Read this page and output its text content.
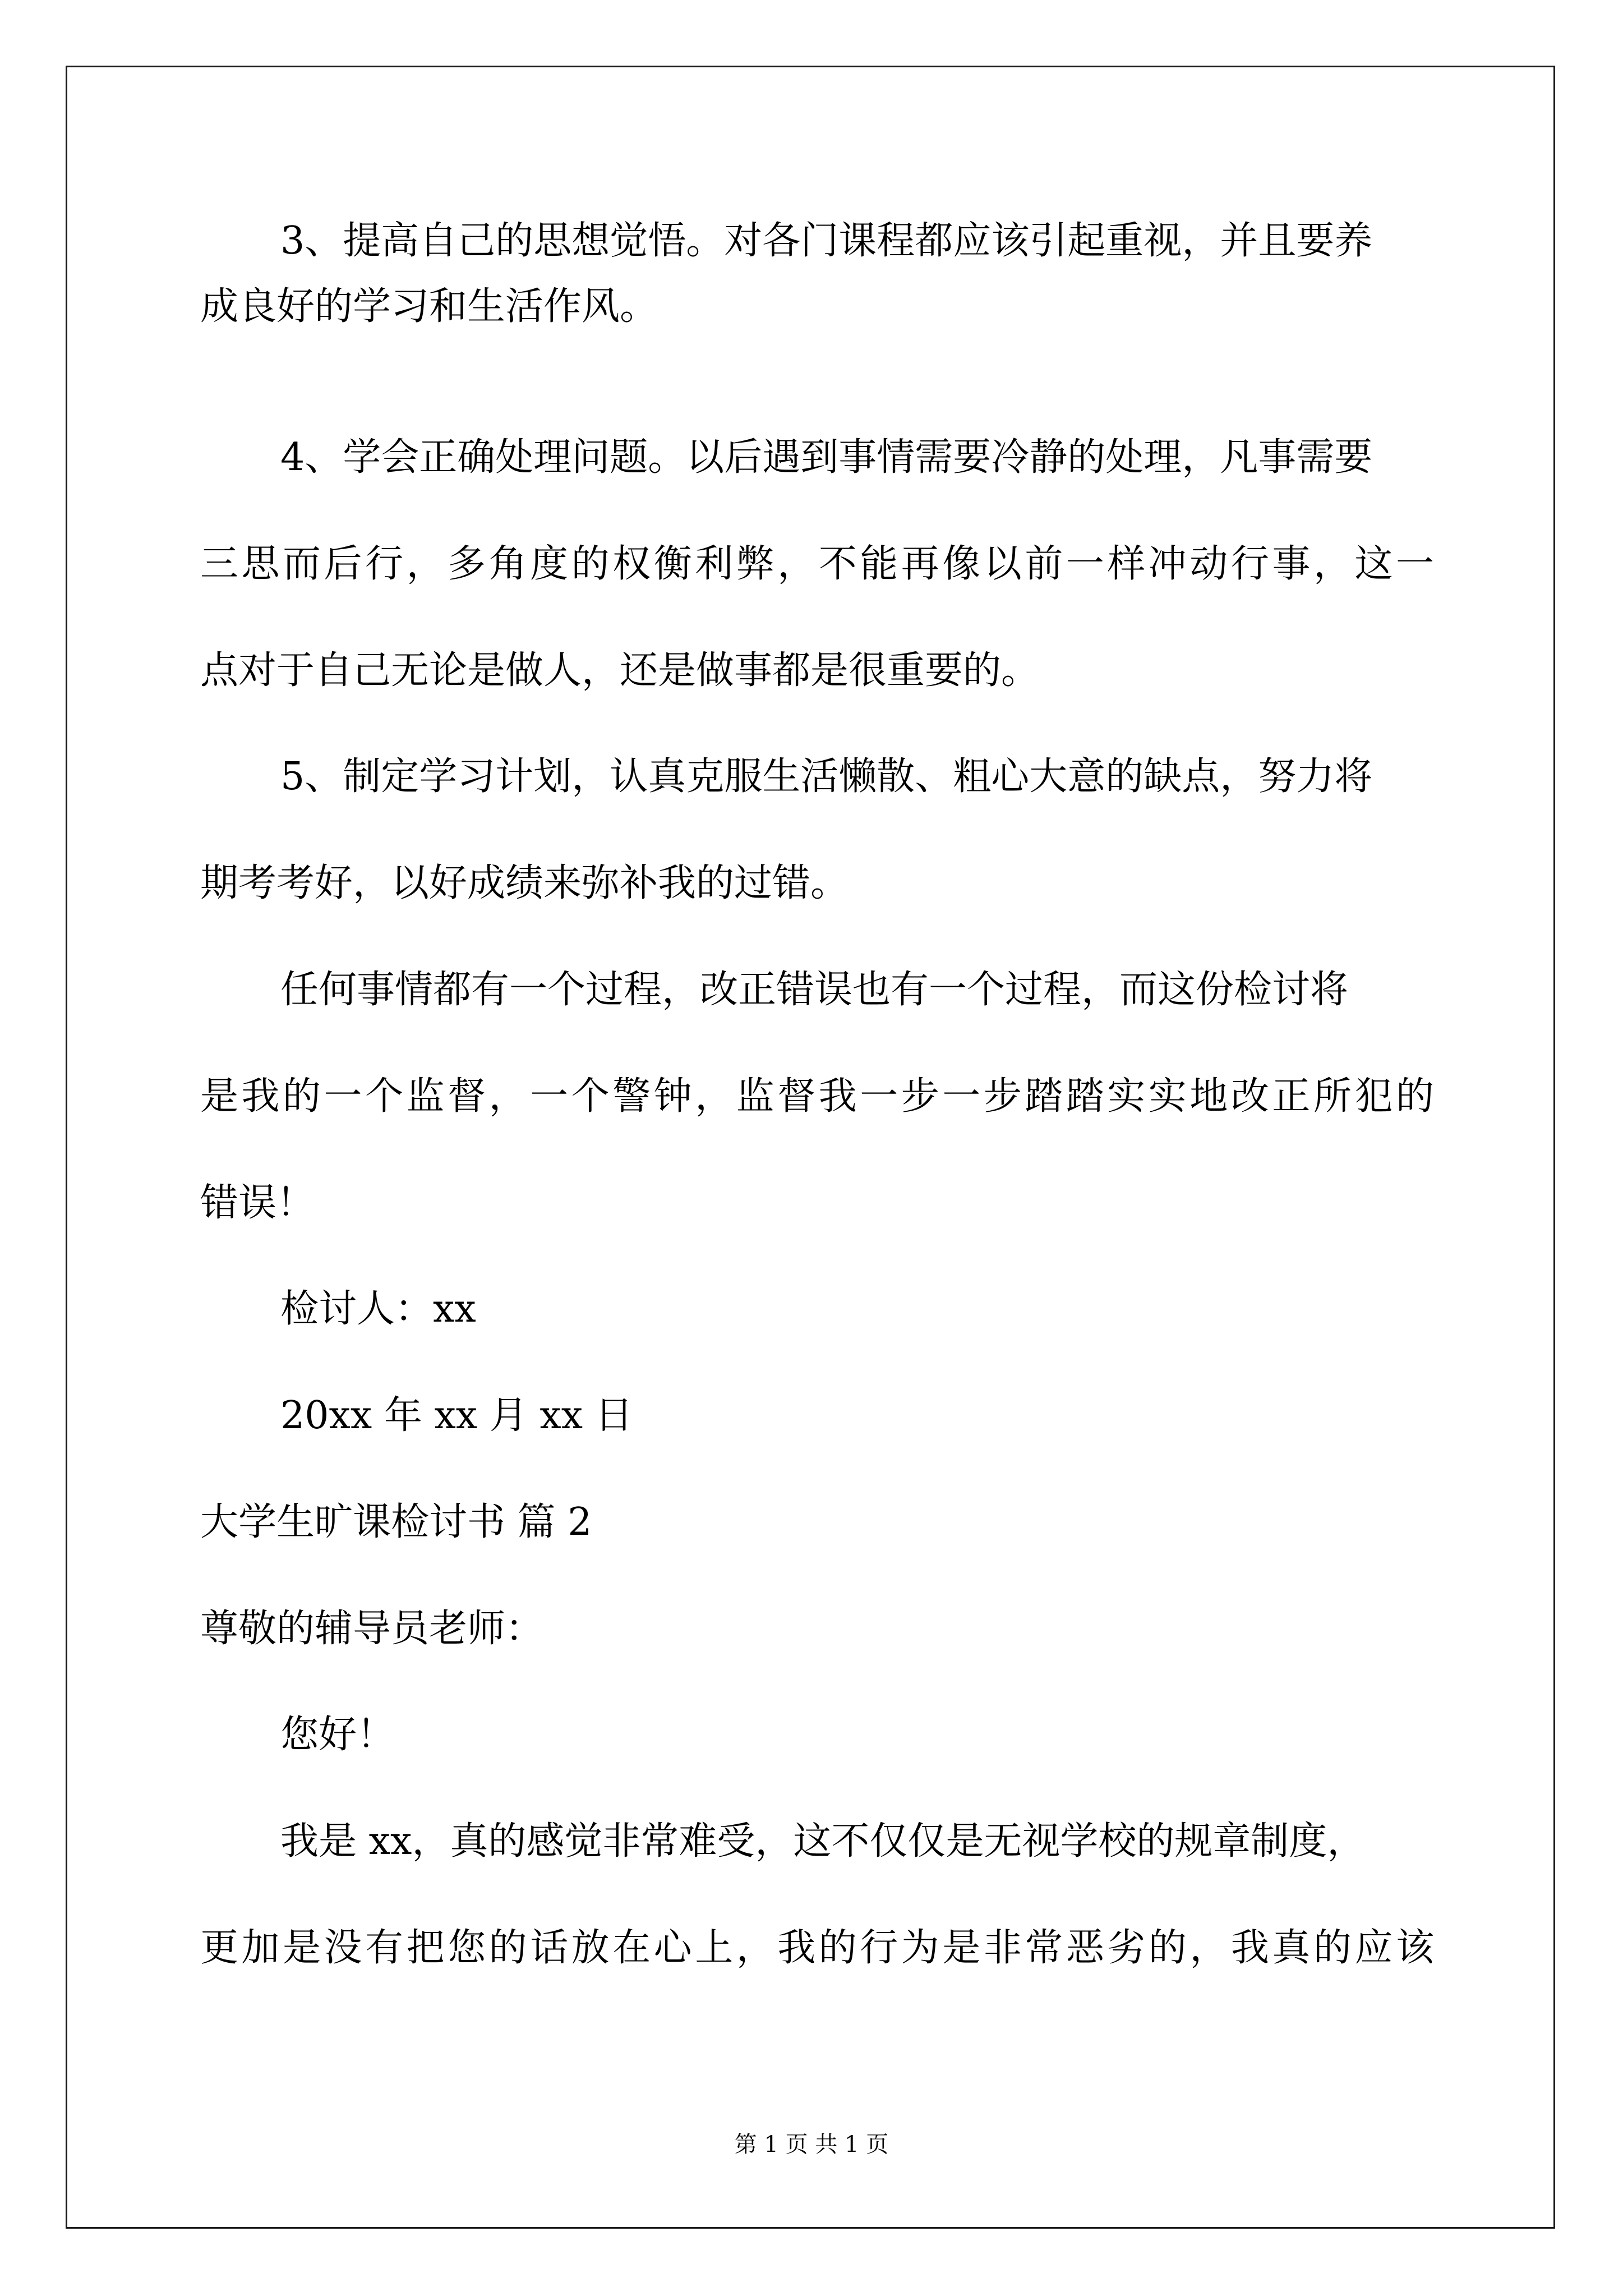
3、提高自己的思想觉悟。对各门课程都应该引起重视，并且要养
成良好的学习和生活作风。
4、学会正确处理问题。以后遇到事情需要冷静的处理，凡事需要
三思而后行，多角度的权衡利弊，不能再像以前一样冲动行事，这一
点对于自己无论是做人，还是做事都是很重要的。
5、制定学习计划，认真克服生活懒散、粗心大意的缺点，努力将
期考考好，以好成绩来弥补我的过错。
任何事情都有一个过程，改正错误也有一个过程，而这份检讨将
是我的一个监督，一个警钟，监督我一步一步踏踏实实地改正所犯的
错误！
检讨人：xx
20xx 年 xx 月 xx 日
大学生旷课检讨书 篇 2
尊敬的辅导员老师：
您好！
我是 xx，真的感觉非常难受，这不仅仅是无视学校的规章制度，
更加是没有把您的话放在心上，我的行为是非常恶劣的，我真的应该
第 1 页 共 1 页
